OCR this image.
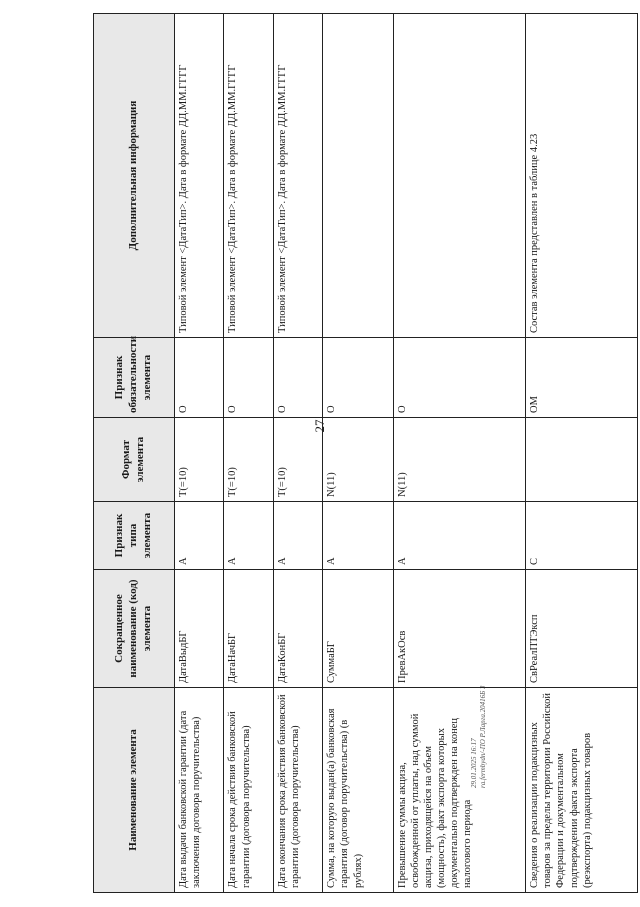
27
29.01.2025 16:17 ra.fermbydn/-ПО Р.Ларга.20416Б 3
Наименование элемента	Сокращенное наименование (код) элемента	Признак типа элемента	Формат элемента	Признак обязательности элемента	Дополнительная информация
Дата выдачи банковской гарантии (дата заключения договора поручительства)	ДатаВыдБГ	А	T(=10)	О	Типовой элемент <ДатаТип>. Дата в формате ДД.ММ.ГГГГ
Дата начала срока действия банковской гарантии (договора поручительства)	ДатаНачБГ	А	T(=10)	О	Типовой элемент <ДатаТип>. Дата в формате ДД.ММ.ГГГГ
Дата окончания срока действия банковской гарантии (договора поручительства)	ДатаКонБГ	А	T(=10)	О	Типовой элемент <ДатаТип>. Дата в формате ДД.ММ.ГГГГ
Сумма, на которую выдан(а) банковская гарантия (договор поручительства) (в рублях)	СуммаБГ	А	N(11)	О	
Превышение суммы акциза, освобожденной от уплаты, над суммой акциза, приходящейся на объем (мощность), факт экспорта которых документально подтвержден на конец налогового периода	ПревАкОсв	А	N(11)	О	
Сведения о реализации подакцизных товаров за пределы территории Российской Федерации и документальном подтверждении факта экспорта (реэкспорта) подакцизных товаров	СвРеалПТЭксп	С		ОМ	Состав элемента представлен в таблице 4.23
